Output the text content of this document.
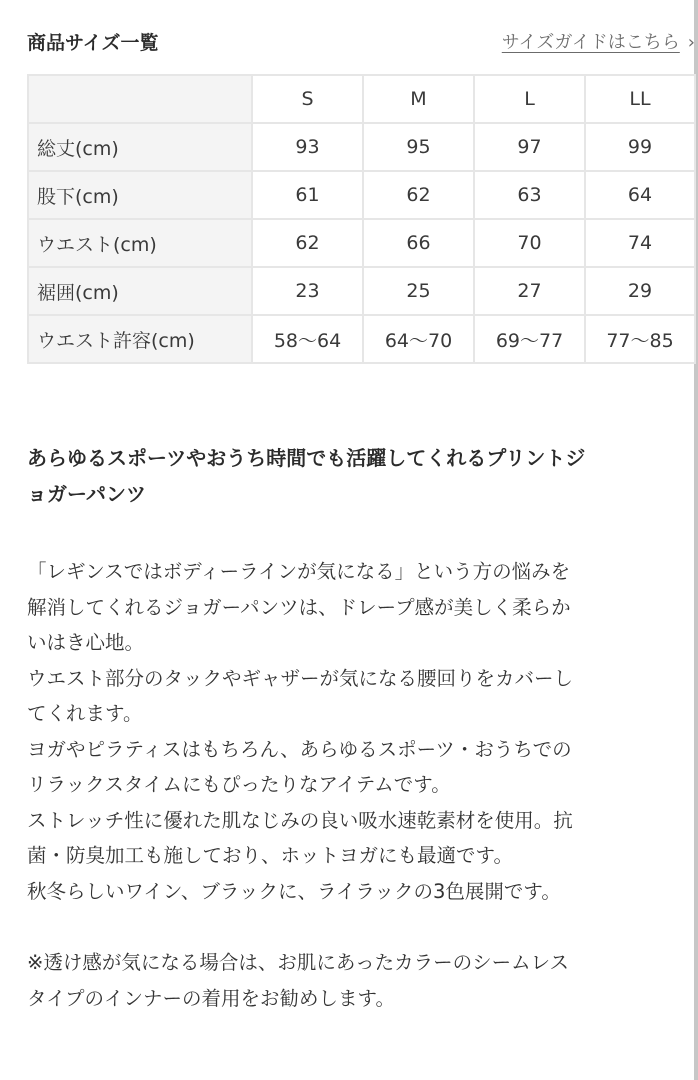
商品サイズ一覧	サイズガイドはこちら ›
	S	M	L	LL
総丈(cm)	93	95	97	99
股下(cm)	61	62	63	64
ウエスト(cm)	62	66	70	74
裾囲(cm)	23	25	27	29
ウエスト許容(cm)	58〜64	64〜70	69〜77	77〜85
あらゆるスポーツやおうち時間でも活躍してくれるプリントジ
ョガーパンツ

「レギンスではボディーラインが気になる」という方の悩みを
解消してくれるジョガーパンツは、ドレープ感が美しく柔らか
いはき心地。
ウエスト部分のタックやギャザーが気になる腰回りをカバーし
てくれます。
ヨガやピラティスはもちろん、あらゆるスポーツ・おうちでの
リラックスタイムにもぴったりなアイテムです。
ストレッチ性に優れた肌なじみの良い吸水速乾素材を使用。抗
菌・防臭加工も施しており、ホットヨガにも最適です。
秋冬らしいワイン、ブラックに、ライラックの3色展開です。

※透け感が気になる場合は、お肌にあったカラーのシームレス
タイプのインナーの着用をお勧めします。
